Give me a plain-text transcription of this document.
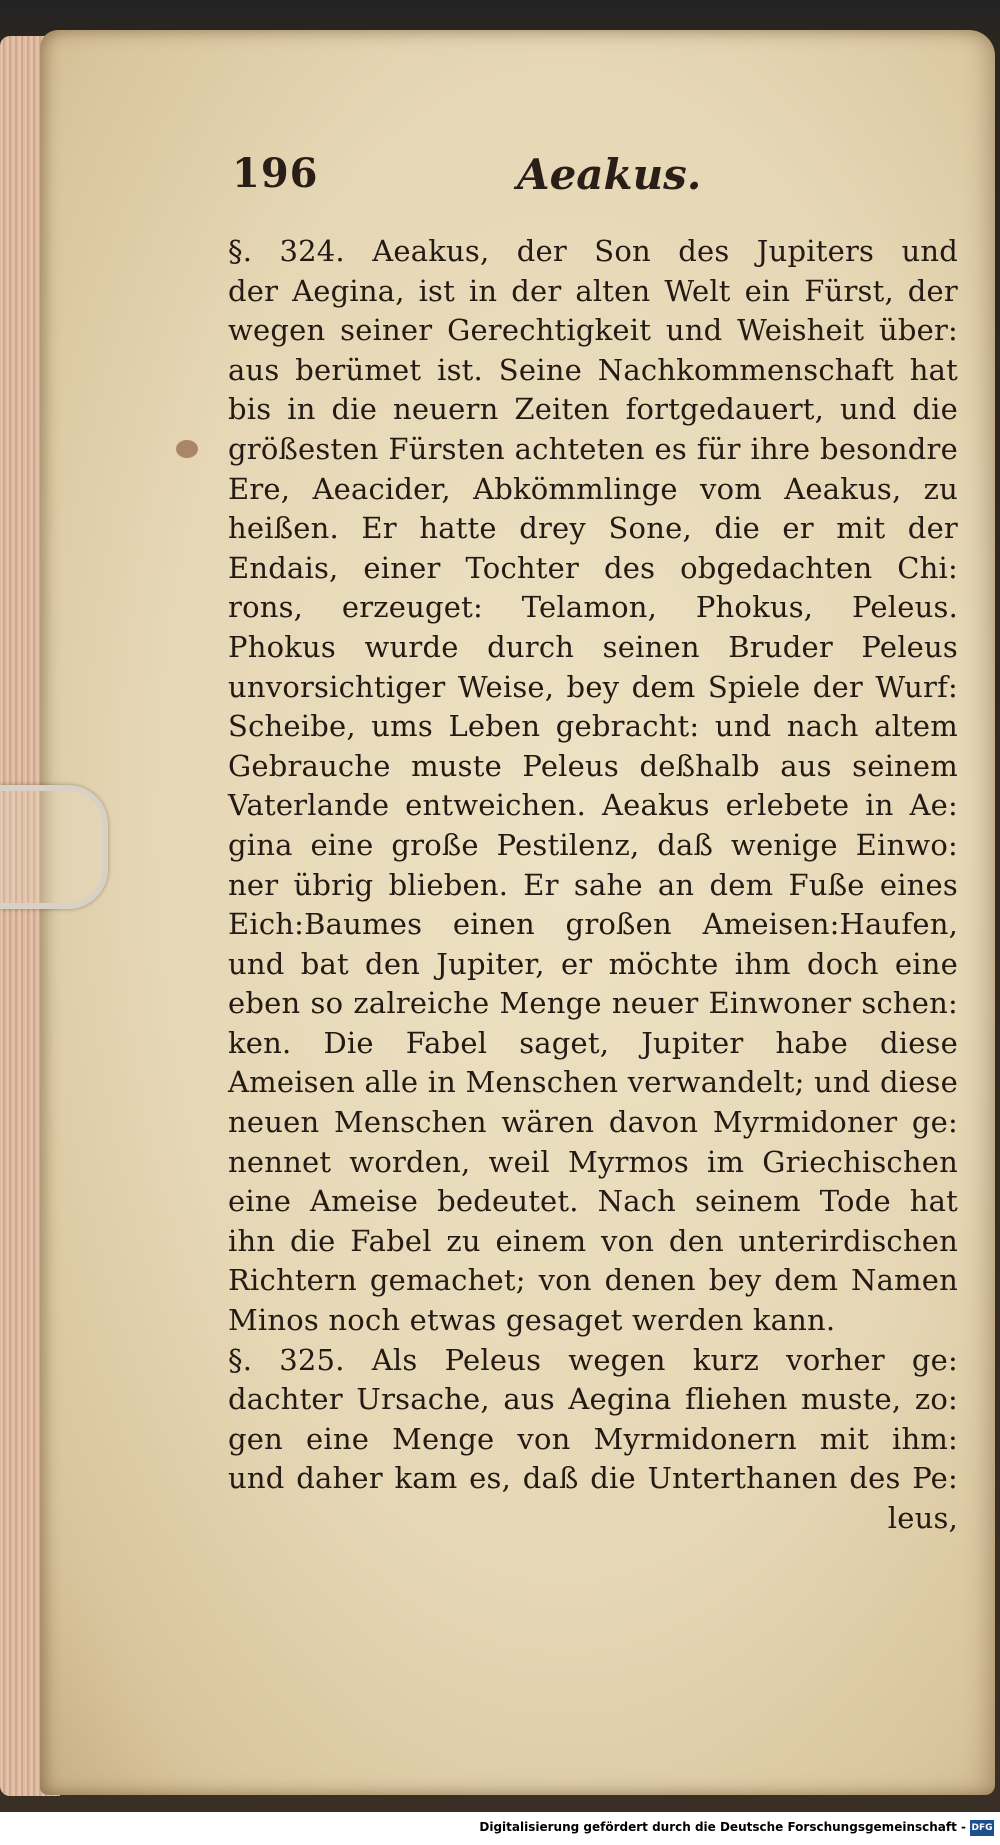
196	Aeakus.
§. 324. Aeakus, der Son des Jupiters und
der Aegina, ist in der alten Welt ein Fürst, der
wegen seiner Gerechtigkeit und Weisheit über:
aus berümet ist. Seine Nachkommenschaft hat
bis in die neuern Zeiten fortgedauert, und die
größesten Fürsten achteten es für ihre besondre
Ere, Aeacider, Abkömmlinge vom Aeakus, zu
heißen. Er hatte drey Sone, die er mit der
Endais, einer Tochter des obgedachten Chi:
rons, erzeuget: Telamon, Phokus, Peleus.
Phokus wurde durch seinen Bruder Peleus
unvorsichtiger Weise, bey dem Spiele der Wurf:
Scheibe, ums Leben gebracht: und nach altem
Gebrauche muste Peleus deßhalb aus seinem
Vaterlande entweichen. Aeakus erlebete in Ae:
gina eine große Pestilenz, daß wenige Einwo:
ner übrig blieben. Er sahe an dem Fuße eines
Eich:Baumes einen großen Ameisen:Haufen,
und bat den Jupiter, er möchte ihm doch eine
eben so zalreiche Menge neuer Einwoner schen:
ken. Die Fabel saget, Jupiter habe diese
Ameisen alle in Menschen verwandelt; und diese
neuen Menschen wären davon Myrmidoner ge:
nennet worden, weil Myrmos im Griechischen
eine Ameise bedeutet. Nach seinem Tode hat
ihn die Fabel zu einem von den unterirdischen
Richtern gemachet; von denen bey dem Namen
Minos noch etwas gesaget werden kann.
§. 325. Als Peleus wegen kurz vorher ge:
dachter Ursache, aus Aegina fliehen muste, zo:
gen eine Menge von Myrmidonern mit ihm:
und daher kam es, daß die Unterthanen des Pe:
leus,
Digitalisierung gefördert durch die Deutsche Forschungsgemeinschaft - DFG
